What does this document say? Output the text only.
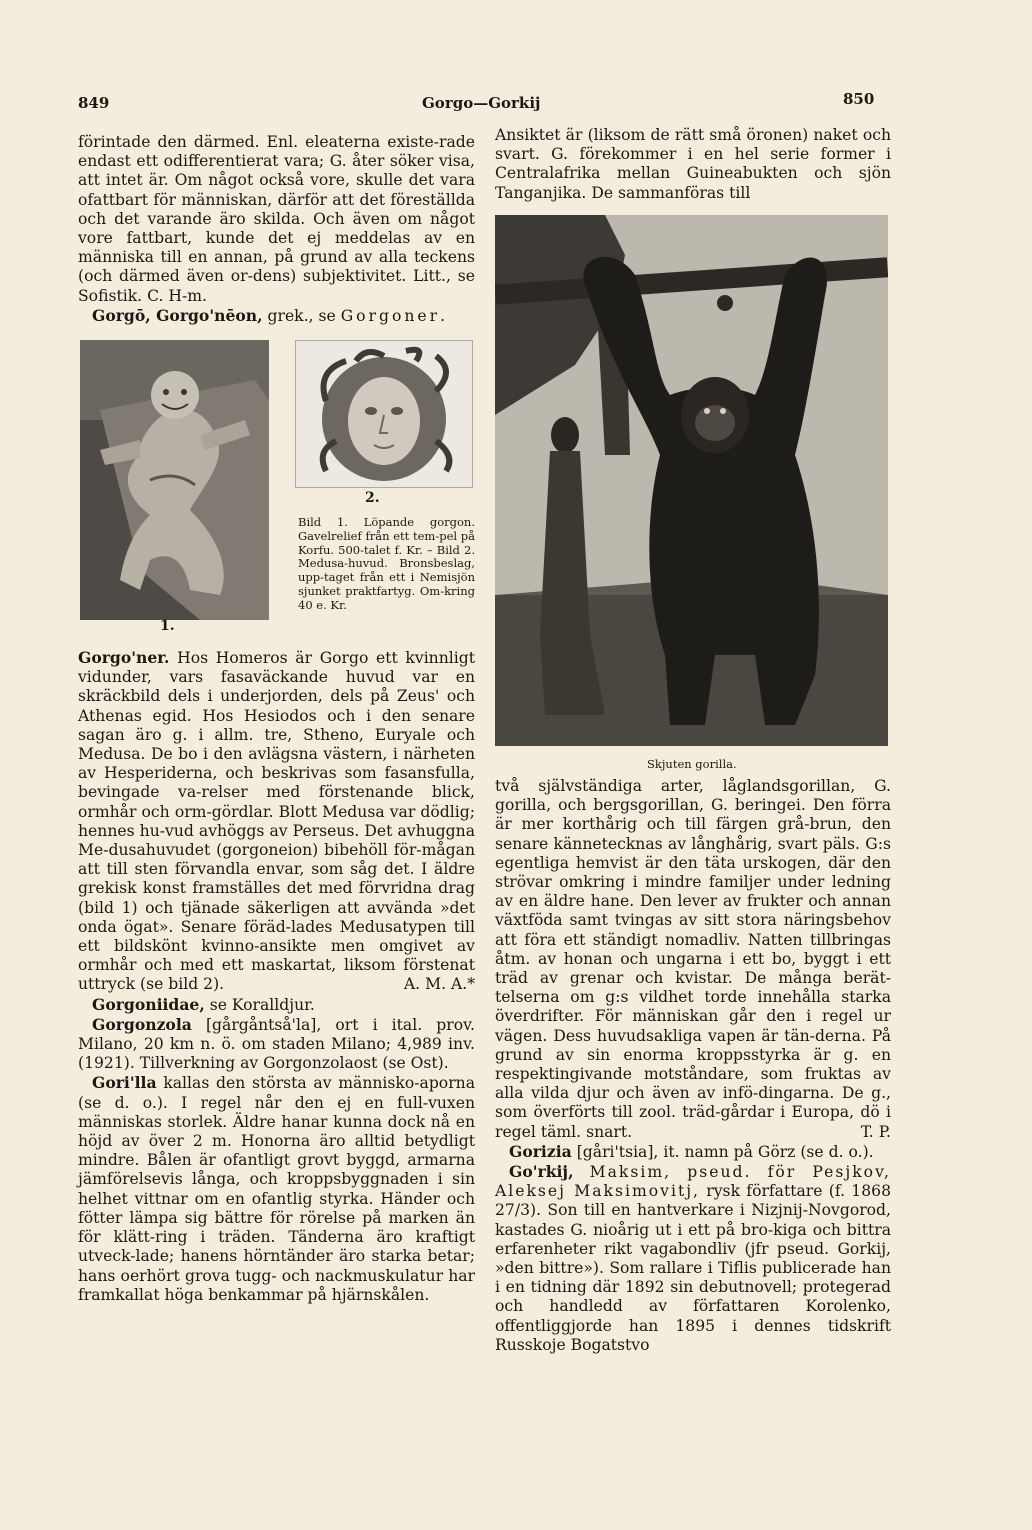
849	Gorgo—Gorkij	850

förintade den därmed. Enl. eleaterna existe-rade endast ett odifferentierat vara; G. åter söker visa, att intet är. Om något också vore, skulle det vara ofattbart för människan, därför att det föreställda och det varande äro skilda. Och även om något vore fattbart, kunde det ej meddelas av en människa till en annan, på grund av alla teckens (och därmed även or-dens) subjektivitet. Litt., se Sofistik. C. H-m.

Gorgō, Gorgo'nēon, grek., se Gorgoner.

1.
2.
Bild 1. Löpande gorgon. Gavelrelief från ett tem-pel på Korfu. 500-talet f. Kr. – Bild 2. Medusa-huvud. Bronsbeslag, upp-taget från ett i Nemisjön sjunket praktfartyg. Om-kring 40 e. Kr.

Gorgo'ner. Hos Homeros är Gorgo ett kvinnligt vidunder, vars fasaväckande huvud var en skräckbild dels i underjorden, dels på Zeus' och Athenas egid. Hos Hesiodos och i den senare sagan äro g. i allm. tre, Stheno, Euryale och Medusa. De bo i den avlägsna västern, i närheten av Hesperiderna, och beskrivas som fasansfulla, bevingade va-relser med förstenande blick, ormhår och orm-gördlar. Blott Medusa var dödlig; hennes hu-vud avhöggs av Perseus. Det avhuggna Me-dusahuvudet (gorgoneion) bibehöll för-mågan att till sten förvandla envar, som såg det. I äldre grekisk konst framställes det med förvridna drag (bild 1) och tjänade säkerligen att avvända »det onda ögat». Senare föräd-lades Medusatypen till ett bildskönt kvinno-ansikte men omgivet av ormhår och med ett maskartat, liksom förstenat uttryck (se bild 2).	A. M. A.*

Gorgoniidae, se Koralldjur.

Gorgonzola [gårgåntså'la], ort i ital. prov. Milano, 20 km n. ö. om staden Milano; 4,989 inv. (1921). Tillverkning av Gorgonzolaost (se Ost).

Gori'lla kallas den största av människo-aporna (se d. o.). I regel når den ej en full-vuxen människas storlek. Äldre hanar kunna dock nå en höjd av över 2 m. Honorna äro alltid betydligt mindre. Bålen är ofantligt grovt byggd, armarna jämförelsevis långa, och kroppsbyggnaden i sin helhet vittnar om en ofantlig styrka. Händer och fötter lämpa sig bättre för rörelse på marken än för klätt-ring i träden. Tänderna äro kraftigt utveck-lade; hanens hörntänder äro starka betar; hans oerhört grova tugg- och nackmuskulatur har framkallat höga benkammar på hjärnskålen.

Ansiktet är (liksom de rätt små öronen) naket och svart. G. förekommer i en hel serie former i Centralafrika mellan Guineabukten och sjön Tanganjika. De sammanföras till

Skjuten gorilla.

två självständiga arter, låglandsgorillan, G. gorilla, och bergsgorillan, G. beringei. Den förra är mer korthårig och till färgen grå-brun, den senare kännetecknas av långhårig, svart päls. G:s egentliga hemvist är den täta urskogen, där den strövar omkring i mindre familjer under ledning av en äldre hane. Den lever av frukter och annan växtföda samt tvingas av sitt stora näringsbehov att föra ett ständigt nomadliv. Natten tillbringas åtm. av honan och ungarna i ett bo, byggt i ett träd av grenar och kvistar. De många berät-telserna om g:s vildhet torde innehålla starka överdrifter. För människan går den i regel ur vägen. Dess huvudsakliga vapen är tän-derna. På grund av sin enorma kroppsstyrka är g. en respektingivande motståndare, som fruktas av alla vilda djur och även av infö-dingarna. De g., som överförts till zool. träd-gårdar i Europa, dö i regel täml. snart.	T. P.

Gorizia [gåri'tsia], it. namn på Görz (se d. o.).

Go'rkij, Maksim, pseud. för Pesjkov, Aleksej Maksimovitj, rysk författare (f. 1868 27/3). Son till en hantverkare i Nizjnij-Novgorod, kastades G. nioårig ut i ett på bro-kiga och bittra erfarenheter rikt vagabondliv (jfr pseud. Gorkij, »den bittre»). Som rallare i Tiflis publicerade han i en tidning där 1892 sin debutnovell; protegerad och handledd av författaren Korolenko, offentliggjorde han 1895 i dennes tidskrift Russkoje Bogatstvo
